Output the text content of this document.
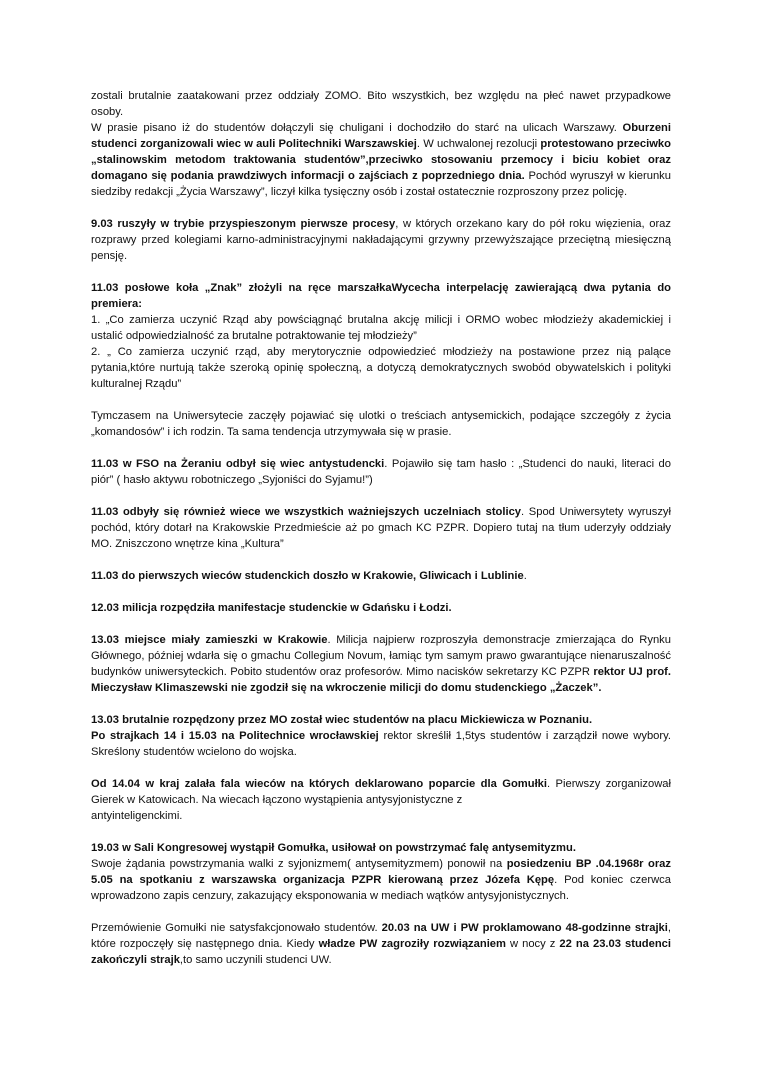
zostali brutalnie zaatakowani przez oddziały ZOMO. Bito wszystkich, bez względu na płeć nawet przypadkowe osoby.

W prasie pisano iż do studentów dołączyli się chuligani i dochodziło do starć na ulicach Warszawy. Oburzeni studenci zorganizowali wiec w auli Politechniki Warszawskiej. W uchwalonej rezolucji protestowano przeciwko „stalinowskim metodom traktowania studentów”,przeciwko stosowaniu przemocy i biciu kobiet oraz domagano się podania prawdziwych informacji o zajściach z poprzedniego dnia. Pochód wyruszył w kierunku siedziby redakcji „Życia Warszawy”, liczył kilka tysięczny osób i został ostatecznie rozproszony przez policję.

9.03 ruszyły w trybie przyspieszonym pierwsze procesy, w których orzekano kary do pół roku więzienia, oraz rozprawy przed kolegiami karno-administracyjnymi nakładającymi grzywny przewyższające przeciętną miesięczną pensję.

11.03 posłowe koła „Znak” złożyli na ręce marszałkaWycecha interpelację zawierającą dwa pytania do premiera:

1. „Co zamierza uczynić Rząd aby powściągnąć brutalna akcję milicji i ORMO wobec młodzieży akademickiej i ustalić odpowiedzialność za brutalne potraktowanie tej młodzieży”

2. „ Co zamierza uczynić rząd, aby merytorycznie odpowiedzieć młodzieży na postawione przez nią palące pytania,które nurtują także szeroką opinię społeczną, a dotyczą demokratycznych swobód obywatelskich i polityki kulturalnej Rządu”

Tymczasem na Uniwersytecie zaczęły pojawiać się ulotki o treściach antysemickich, podające szczegóły z życia „komandosów” i ich rodzin. Ta sama tendencja utrzymywała się w prasie.

11.03 w FSO na Żeraniu odbył się wiec antystudencki. Pojawiło się tam hasło : „Studenci do nauki, literaci do piór” ( hasło aktywu robotniczego „Syjoniści do Syjamu!”)

11.03 odbyły się również wiece we wszystkich ważniejszych uczelniach stolicy. Spod Uniwersytety wyruszył pochód, który dotarł na Krakowskie Przedmieście aż po gmach KC PZPR. Dopiero tutaj na tłum uderzyły oddziały MO. Zniszczono wnętrze kina „Kultura”

11.03 do pierwszych wieców studenckich doszło w Krakowie, Gliwicach i Lublinie.

12.03 milicja rozpędziła manifestacje studenckie w Gdańsku i Łodzi.

13.03 miejsce miały zamieszki w Krakowie. Milicja najpierw rozproszyła demonstracje zmierzająca do Rynku Głównego, później wdarła się o gmachu Collegium Novum, łamiąc tym samym prawo gwarantujące nienaruszalność budynków uniwersyteckich. Pobito studentów oraz profesorów. Mimo nacisków sekretarzy KC PZPR rektor UJ prof. Mieczysław Klimaszewski nie zgodził się na wkroczenie milicji do domu studenckiego „Żaczek”.

13.03 brutalnie rozpędzony przez MO został wiec studentów na placu Mickiewicza w Poznaniu.

Po strajkach 14 i 15.03 na Politechnice wrocławskiej rektor skreślił 1,5tys studentów i zarządził nowe wybory. Skreślony studentów wcielono do wojska.

Od 14.04 w kraj zalała fala wieców na których deklarowano poparcie dla Gomułki. Pierwszy zorganizował Gierek w Katowicach. Na wiecach łączono wystąpienia antysyjonistyczne z

antyinteligenckimi.

19.03 w Sali Kongresowej wystąpił Gomułka, usiłował on powstrzymać falę antysemityzmu.

Swoje żądania powstrzymania walki z syjonizmem( antysemityzmem) ponowił na posiedzeniu BP .04.1968r oraz 5.05 na spotkaniu z warszawska organizacja PZPR kierowaną przez Józefa Kępę. Pod koniec czerwca wprowadzono zapis cenzury, zakazujący eksponowania w mediach wątków antysyjonistycznych.

Przemówienie Gomułki nie satysfakcjonowało studentów. 20.03 na UW i PW proklamowano 48-godzinne strajki, które rozpoczęły się następnego dnia. Kiedy władze PW zagroziły rozwiązaniem w nocy z 22 na 23.03 studenci zakończyli strajk,to samo uczynili studenci UW.
